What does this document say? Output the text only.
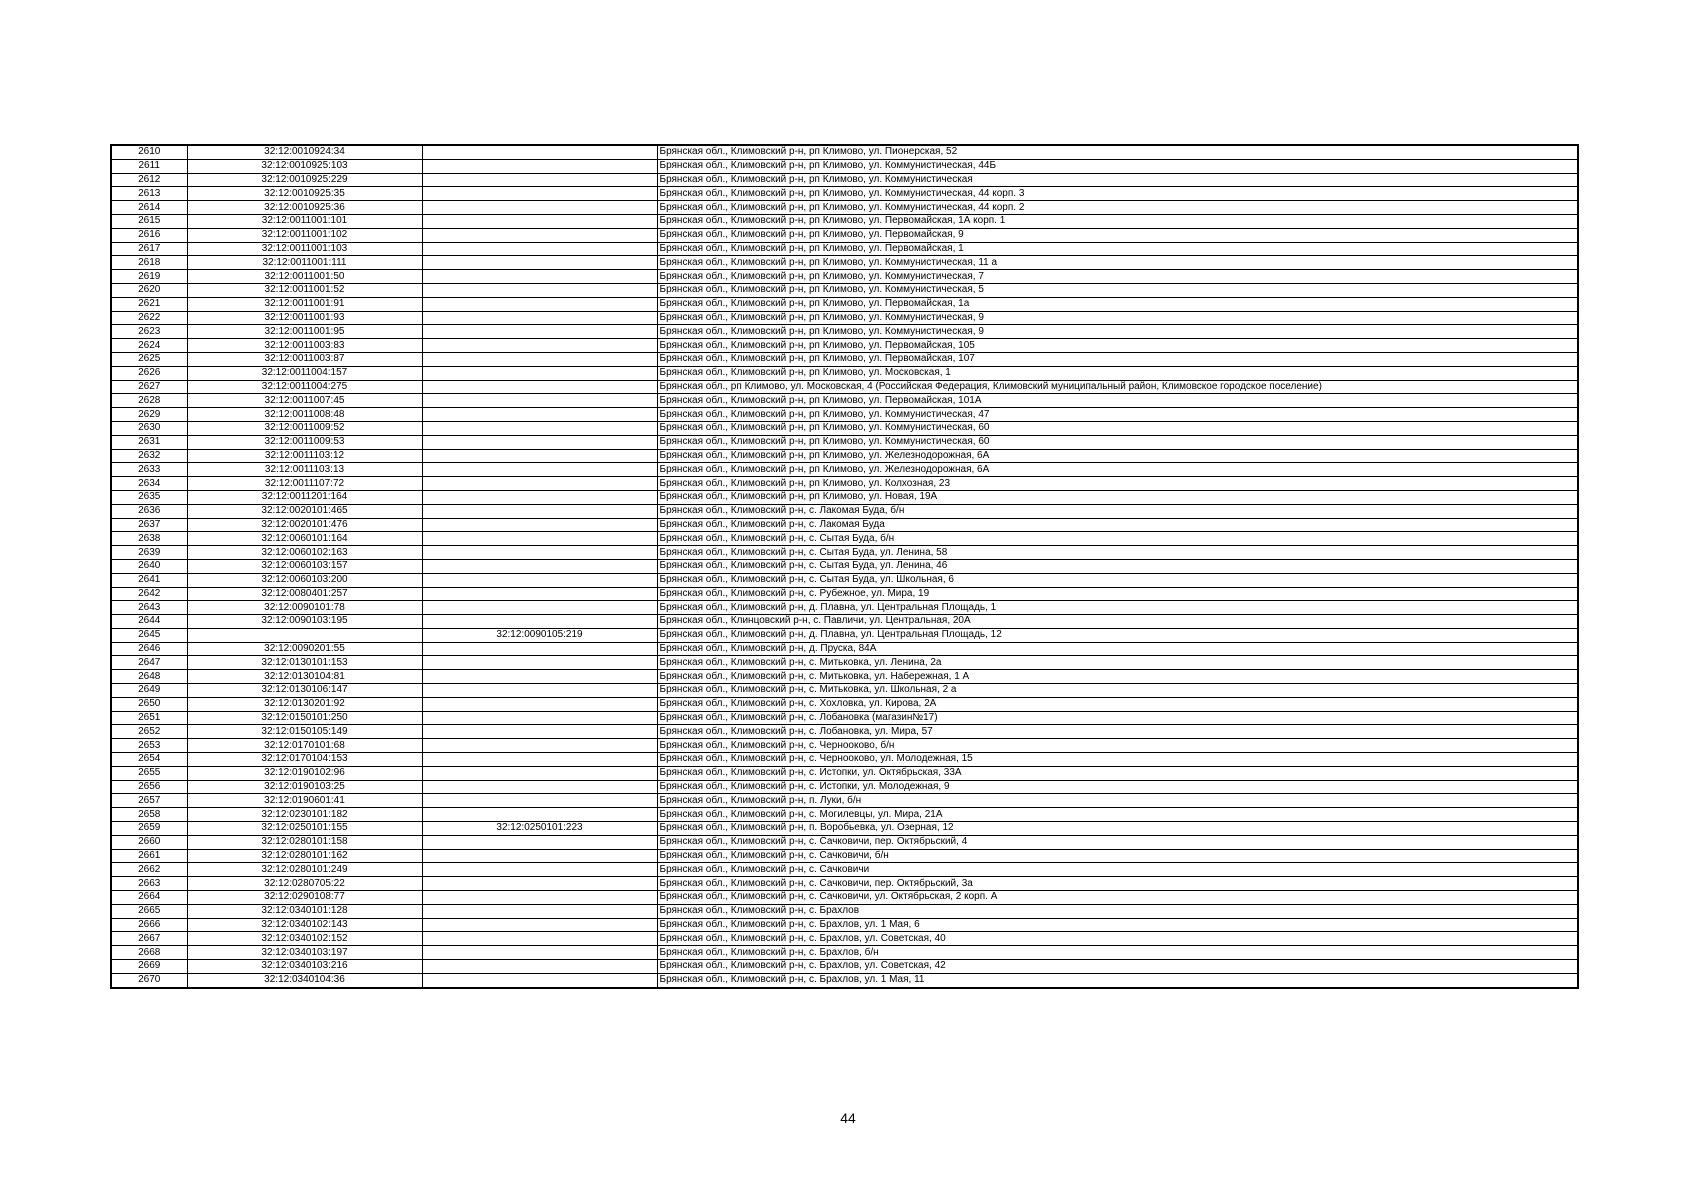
2610	32:12:0010924:34		Брянская обл., Климовский р-н, рп Климово, ул. Пионерская, 52
2611	32:12:0010925:103		Брянская обл., Климовский р-н, рп Климово, ул. Коммунистическая, 44Б
2612	32:12:0010925:229		Брянская обл., Климовский р-н, рп Климово, ул. Коммунистическая
2613	32:12:0010925:35		Брянская обл., Климовский р-н, рп Климово, ул. Коммунистическая, 44 корп. 3
2614	32:12:0010925:36		Брянская обл., Климовский р-н, рп Климово, ул. Коммунистическая, 44 корп. 2
2615	32:12:0011001:101		Брянская обл., Климовский р-н, рп Климово, ул. Первомайская, 1А корп. 1
2616	32:12:0011001:102		Брянская обл., Климовский р-н, рп Климово, ул. Первомайская, 9
2617	32:12:0011001:103		Брянская обл., Климовский р-н, рп Климово, ул. Первомайская, 1
2618	32:12:0011001:111		Брянская обл., Климовский р-н, рп Климово, ул. Коммунистическая, 11 а
2619	32:12:0011001:50		Брянская обл., Климовский р-н, рп Климово, ул. Коммунистическая, 7
2620	32:12:0011001:52		Брянская обл., Климовский р-н, рп Климово, ул. Коммунистическая, 5
2621	32:12:0011001:91		Брянская обл., Климовский р-н, рп Климово, ул. Первомайская, 1а
2622	32:12:0011001:93		Брянская обл., Климовский р-н, рп Климово, ул. Коммунистическая, 9
2623	32:12:0011001:95		Брянская обл., Климовский р-н, рп Климово, ул. Коммунистическая, 9
2624	32:12:0011003:83		Брянская обл., Климовский р-н, рп Климово, ул. Первомайская, 105
2625	32:12:0011003:87		Брянская обл., Климовский р-н, рп Климово, ул. Первомайская, 107
2626	32:12:0011004:157		Брянская обл., Климовский р-н, рп Климово, ул. Московская, 1
2627	32:12:0011004:275		Брянская обл., рп Климово, ул. Московская, 4 (Российская Федерация, Климовский муниципальный район, Климовское городское поселение)
2628	32:12:0011007:45		Брянская обл., Климовский р-н, рп Климово, ул. Первомайская, 101А
2629	32:12:0011008:48		Брянская обл., Климовский р-н, рп Климово, ул. Коммунистическая, 47
2630	32:12:0011009:52		Брянская обл., Климовский р-н, рп Климово, ул. Коммунистическая, 60
2631	32:12:0011009:53		Брянская обл., Климовский р-н, рп Климово, ул. Коммунистическая, 60
2632	32:12:0011103:12		Брянская обл., Климовский р-н, рп Климово, ул. Железнодорожная, 6А
2633	32:12:0011103:13		Брянская обл., Климовский р-н, рп Климово, ул. Железнодорожная, 6А
2634	32:12:0011107:72		Брянская обл., Климовский р-н, рп Климово, ул. Колхозная, 23
2635	32:12:0011201:164		Брянская обл., Климовский р-н, рп Климово, ул. Новая, 19А
2636	32:12:0020101:465		Брянская обл., Климовский р-н, с. Лакомая Буда, б/н
2637	32:12:0020101:476		Брянская обл., Климовский р-н, с. Лакомая Буда
2638	32:12:0060101:164		Брянская обл., Климовский р-н, с. Сытая Буда, б/н
2639	32:12:0060102:163		Брянская обл., Климовский р-н, с. Сытая Буда, ул. Ленина, 58
2640	32:12:0060103:157		Брянская обл., Климовский р-н, с. Сытая Буда, ул. Ленина, 46
2641	32:12:0060103:200		Брянская обл., Климовский р-н, с. Сытая Буда, ул. Школьная, 6
2642	32:12:0080401:257		Брянская обл., Климовский р-н, с. Рубежное, ул. Мира, 19
2643	32:12:0090101:78		Брянская обл., Климовский р-н, д. Плавна, ул. Центральная Площадь, 1
2644	32:12:0090103:195		Брянская обл., Клинцовский р-н, с. Павличи, ул. Центральная, 20А
2645		32:12:0090105:219	Брянская обл., Климовский р-н, д. Плавна, ул. Центральная Площадь, 12
2646	32:12:0090201:55		Брянская обл., Климовский р-н, д. Пруска, 84А
2647	32:12:0130101:153		Брянская обл., Климовский р-н, с. Митьковка, ул. Ленина, 2а
2648	32:12:0130104:81		Брянская обл., Климовский р-н, с. Митьковка, ул. Набережная, 1 А
2649	32:12:0130106:147		Брянская обл., Климовский р-н, с. Митьковка, ул. Школьная, 2 а
2650	32:12:0130201:92		Брянская обл., Климовский р-н, с. Хохловка, ул. Кирова, 2А
2651	32:12:0150101:250		Брянская обл., Климовский р-н, с. Лобановка (магазин№17)
2652	32:12:0150105:149		Брянская обл., Климовский р-н, с. Лобановка, ул. Мира, 57
2653	32:12:0170101:68		Брянская обл., Климовский р-н, с. Чернооково, б/н
2654	32:12:0170104:153		Брянская обл., Климовский р-н, с. Чернооково, ул. Молодежная, 15
2655	32:12:0190102:96		Брянская обл., Климовский р-н, с. Истопки, ул. Октябрьская, 33А
2656	32:12:0190103:25		Брянская обл., Климовский р-н, с. Истопки, ул. Молодежная, 9
2657	32:12:0190601:41		Брянская обл., Климовский р-н, п. Луки, б/н
2658	32:12:0230101:182		Брянская обл., Климовский р-н, с. Могилевцы, ул. Мира, 21А
2659	32:12:0250101:155	32:12:0250101:223	Брянская обл., Климовский р-н, п. Воробьевка, ул. Озерная, 12
2660	32:12:0280101:158		Брянская обл., Климовский р-н, с. Сачковичи, пер. Октябрьский, 4
2661	32:12:0280101:162		Брянская обл., Климовский р-н, с. Сачковичи, б/н
2662	32:12:0280101:249		Брянская обл., Климовский р-н, с. Сачковичи
2663	32:12:0280705:22		Брянская обл., Климовский р-н, с. Сачковичи, пер. Октябрьский, 3а
2664	32:12:0290108:77		Брянская обл., Климовский р-н, с. Сачковичи, ул. Октябрьская, 2 корп. А
2665	32:12:0340101:128		Брянская обл., Климовский р-н, с. Брахлов
2666	32:12:0340102:143		Брянская обл., Климовский р-н, с. Брахлов, ул. 1 Мая, 6
2667	32:12:0340102:152		Брянская обл., Климовский р-н, с. Брахлов, ул. Советская, 40
2668	32:12:0340103:197		Брянская обл., Климовский р-н, с. Брахлов, б/н
2669	32:12:0340103:216		Брянская обл., Климовский р-н, с. Брахлов, ул. Советская, 42
2670	32:12:0340104:36		Брянская обл., Климовский р-н, с. Брахлов, ул. 1 Мая, 11
44
